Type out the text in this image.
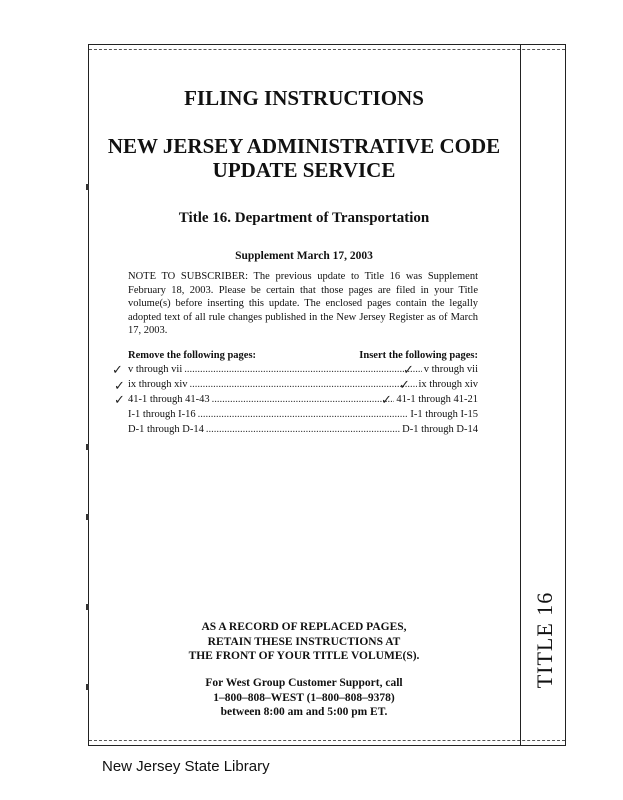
TITLE 16
FILING INSTRUCTIONS
NEW JERSEY ADMINISTRATIVE CODE
UPDATE SERVICE
Title 16. Department of Transportation
Supplement March 17, 2003
NOTE TO SUBSCRIBER: The previous update to Title 16 was Supplement February 18, 2003. Please be certain that those pages are filed in your Title volume(s) before inserting this update. The enclosed pages contain the legally adopted text of all rule changes published in the New Jersey Register as of March 17, 2003.
Remove the following pages:	Insert the following pages:
v through vii .....	v through vii
ix through xiv .....	ix through xiv
41-1 through 41-43 .....	41-1 through 41-21
I-1 through I-16 .....	I-1 through I-15
D-1 through D-14 .....	D-1 through D-14
✓
✓
✓
✓
✓
✓
AS A RECORD OF REPLACED PAGES,
RETAIN THESE INSTRUCTIONS AT
THE FRONT OF YOUR TITLE VOLUME(S).
For West Group Customer Support, call
1–800–808–WEST (1–800–808–9378)
between 8:00 am and 5:00 pm ET.
New Jersey State Library
